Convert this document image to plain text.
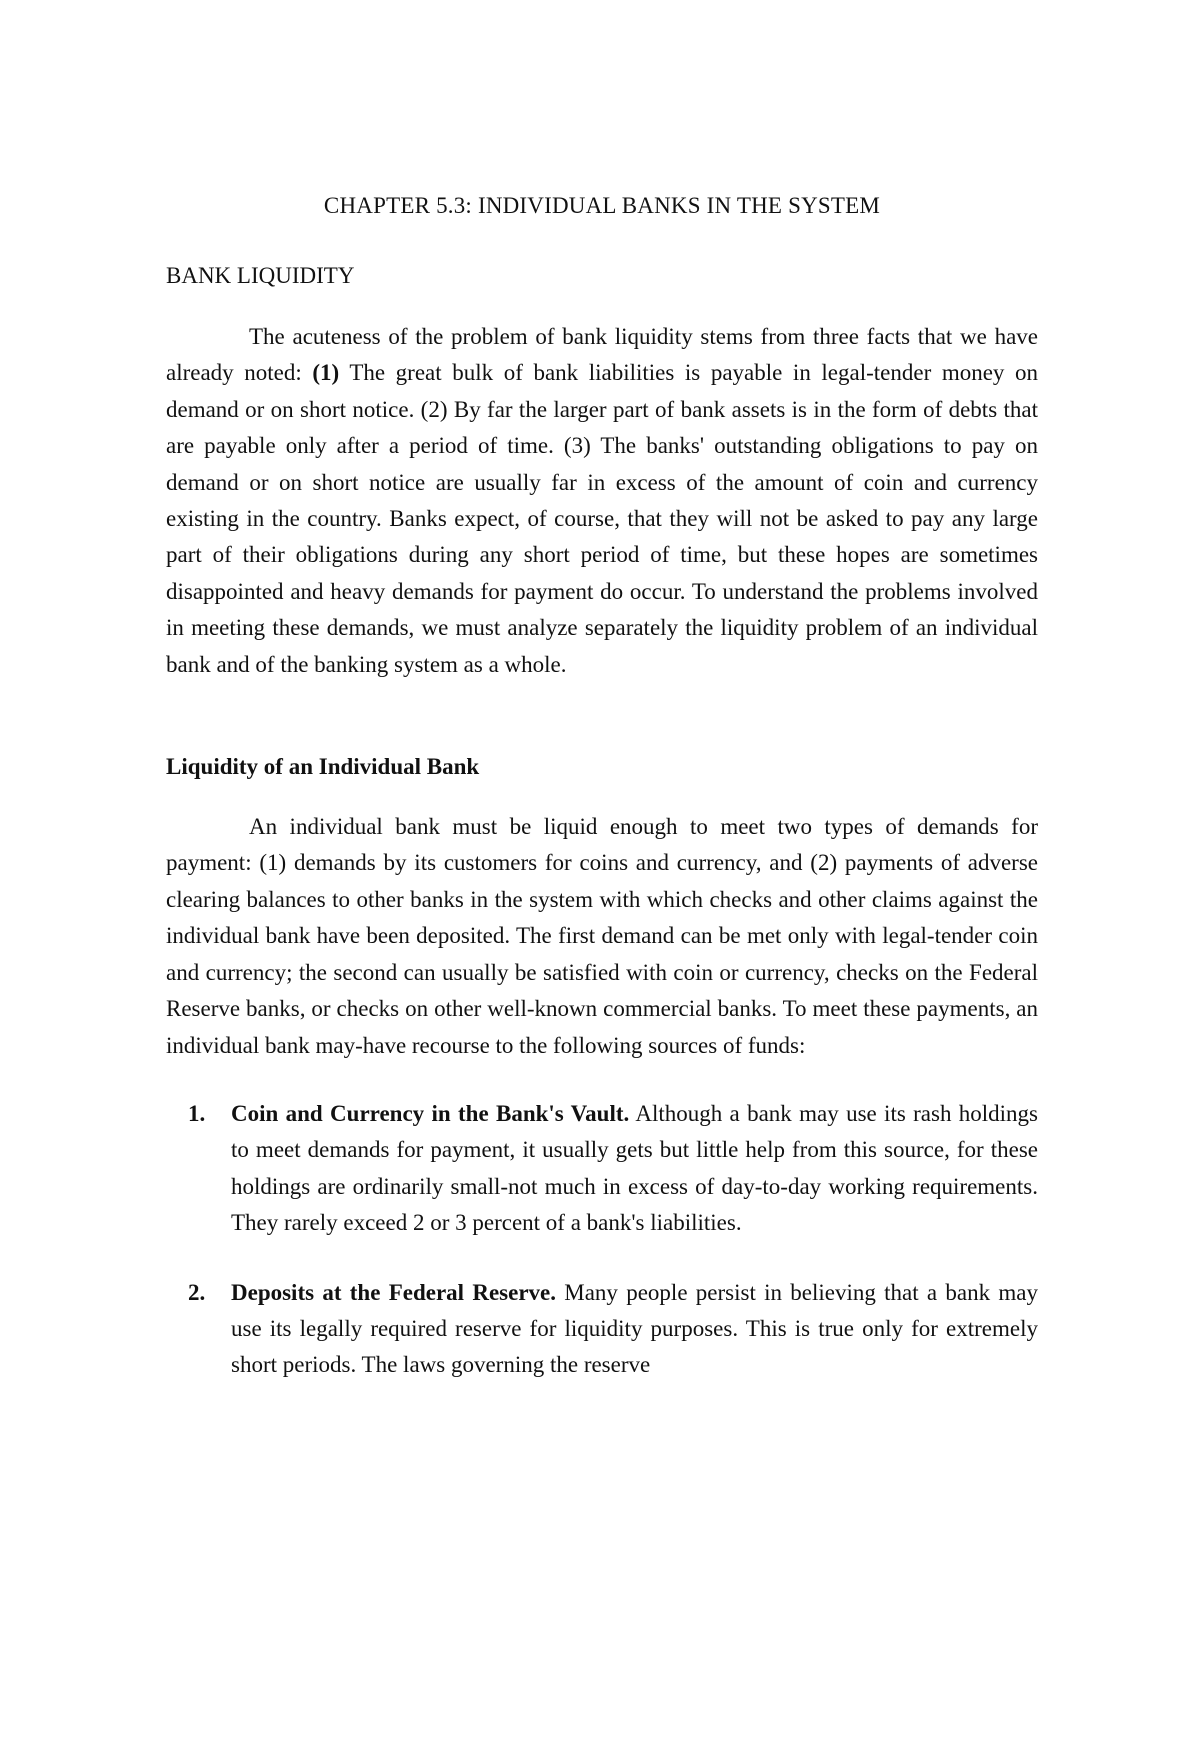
CHAPTER 5.3: INDIVIDUAL BANKS IN THE SYSTEM
BANK LIQUIDITY

The acuteness of the problem of bank liquidity stems from three facts that we have already noted: (1) The great bulk of bank liabilities is payable in legal-tender money on demand or on short notice. (2) By far the larger part of bank assets is in the form of debts that are payable only after a period of time. (3) The banks' outstanding obligations to pay on demand or on short notice are usually far in excess of the amount of coin and currency existing in the country. Banks expect, of course, that they will not be asked to pay any large part of their obligations during any short period of time, but these hopes are sometimes disappointed and heavy demands for payment do occur. To understand the problems involved in meeting these demands, we must analyze separately the liquidity problem of an individual bank and of the banking system as a whole.

Liquidity of an Individual Bank

An individual bank must be liquid enough to meet two types of demands for payment: (1) demands by its customers for coins and currency, and (2) payments of adverse clearing balances to other banks in the system with which checks and other claims against the individual bank have been deposited. The first demand can be met only with legal-tender coin and currency; the second can usually be satisfied with coin or currency, checks on the Federal Reserve banks, or checks on other well-known commercial banks. To meet these payments, an individual bank may-have recourse to the following sources of funds:

1. Coin and Currency in the Bank's Vault. Although a bank may use its rash holdings to meet demands for payment, it usually gets but little help from this source, for these holdings are ordinarily small-not much in excess of day-to-day working requirements. They rarely exceed 2 or 3 percent of a bank's liabilities.
2. Deposits at the Federal Reserve. Many people persist in believing that a bank may use its legally required reserve for liquidity purposes. This is true only for extremely short periods. The laws governing the reserve
